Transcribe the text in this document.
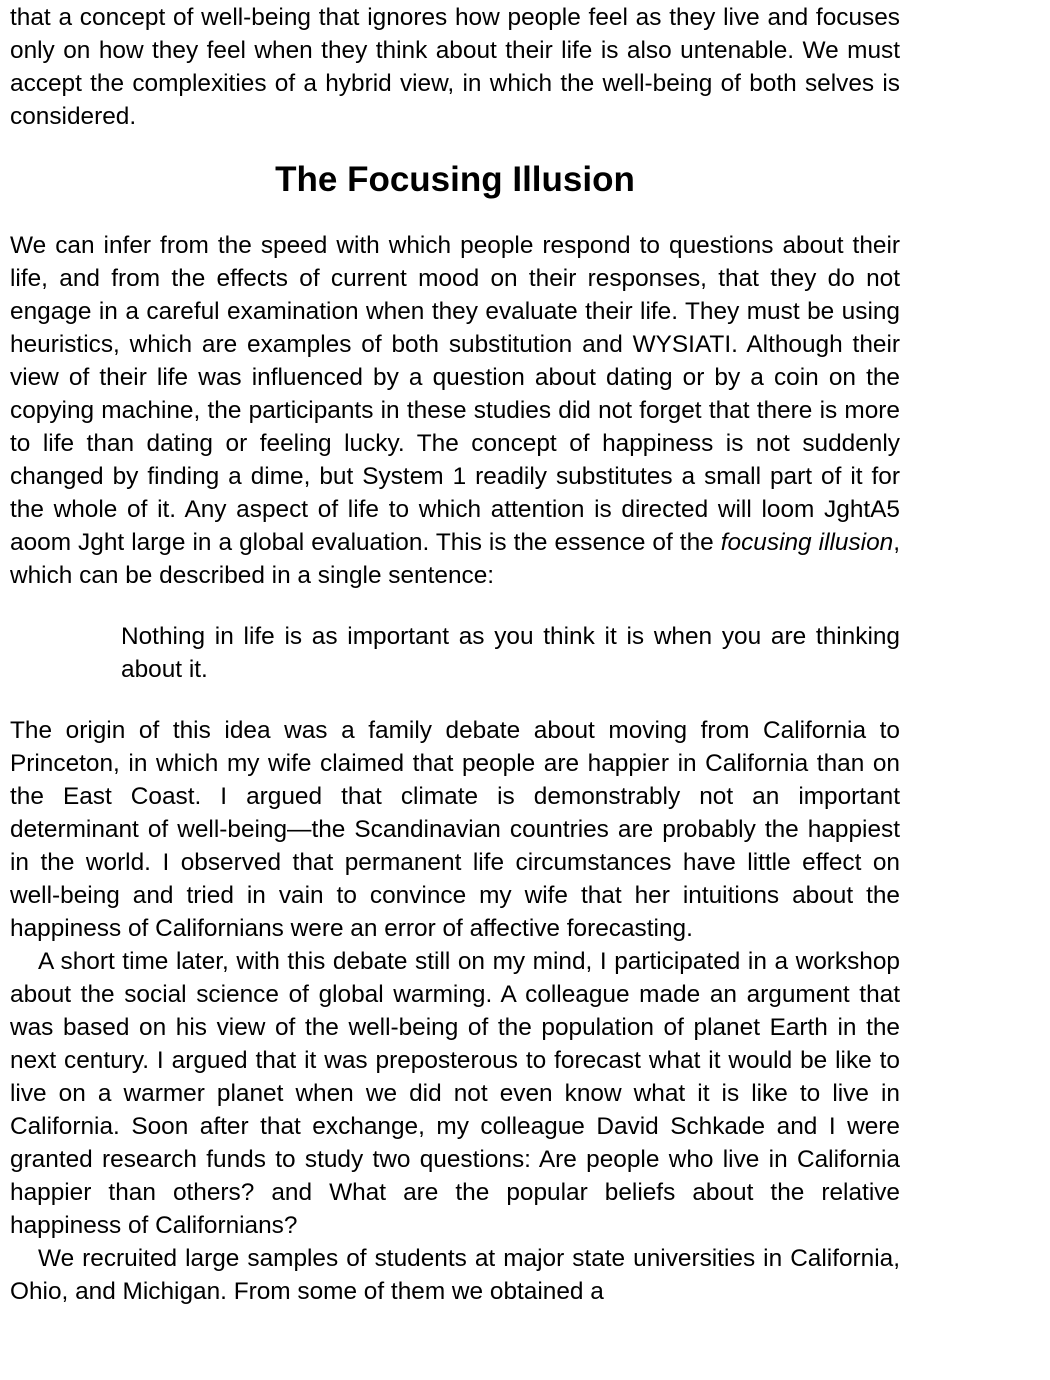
that a concept of well-being that ignores how people feel as they live and focuses only on how they feel when they think about their life is also untenable. We must accept the complexities of a hybrid view, in which the well-being of both selves is considered.

The Focusing Illusion

We can infer from the speed with which people respond to questions about their life, and from the effects of current mood on their responses, that they do not engage in a careful examination when they evaluate their life. They must be using heuristics, which are examples of both substitution and WYSIATI. Although their view of their life was influenced by a question about dating or by a coin on the copying machine, the participants in these studies did not forget that there is more to life than dating or feeling lucky. The concept of happiness is not suddenly changed by finding a dime, but System 1 readily substitutes a small part of it for the whole of it. Any aspect of life to which attention is directed will loom JghtA5 aoom Jght large in a global evaluation. This is the essence of the focusing illusion, which can be described in a single sentence:

Nothing in life is as important as you think it is when you are thinking about it.

The origin of this idea was a family debate about moving from California to Princeton, in which my wife claimed that people are happier in California than on the East Coast. I argued that climate is demonstrably not an important determinant of well-being—the Scandinavian countries are probably the happiest in the world. I observed that permanent life circumstances have little effect on well-being and tried in vain to convince my wife that her intuitions about the happiness of Californians were an error of affective forecasting.

A short time later, with this debate still on my mind, I participated in a workshop about the social science of global warming. A colleague made an argument that was based on his view of the well-being of the population of planet Earth in the next century. I argued that it was preposterous to forecast what it would be like to live on a warmer planet when we did not even know what it is like to live in California. Soon after that exchange, my colleague David Schkade and I were granted research funds to study two questions: Are people who live in California happier than others? and What are the popular beliefs about the relative happiness of Californians?

We recruited large samples of students at major state universities in California, Ohio, and Michigan. From some of them we obtained a
